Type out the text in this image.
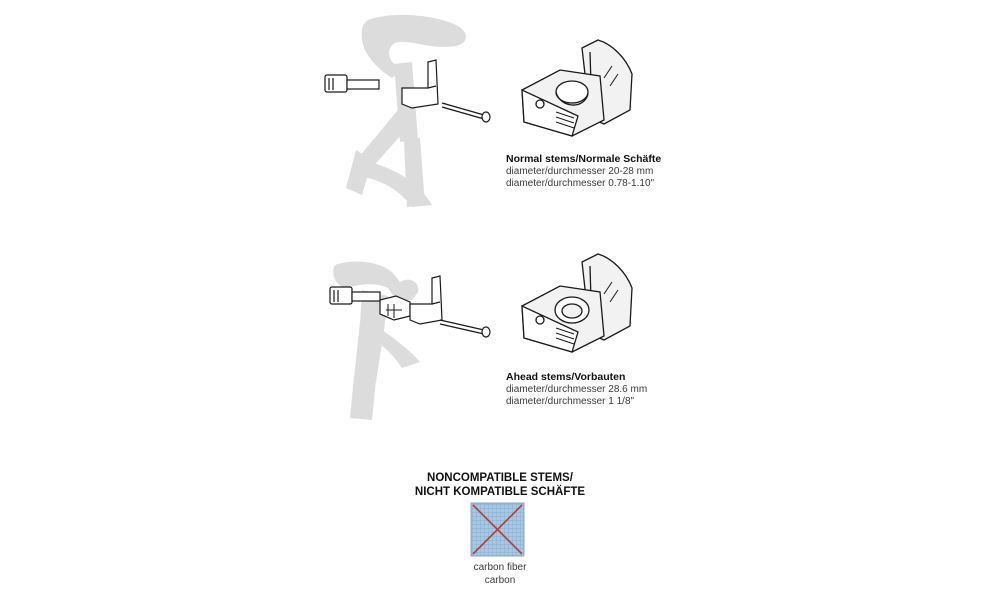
Normal stems/Normale Schäfte
diameter/durchmesser 20-28 mm
diameter/durchmesser 0.78-1.10"
Ahead stems/Vorbauten
diameter/durchmesser 28.6 mm
diameter/durchmesser 1 1/8"
NONCOMPATIBLE STEMS/
NICHT KOMPATIBLE SCHÄFTE
carbon fiber
carbon
